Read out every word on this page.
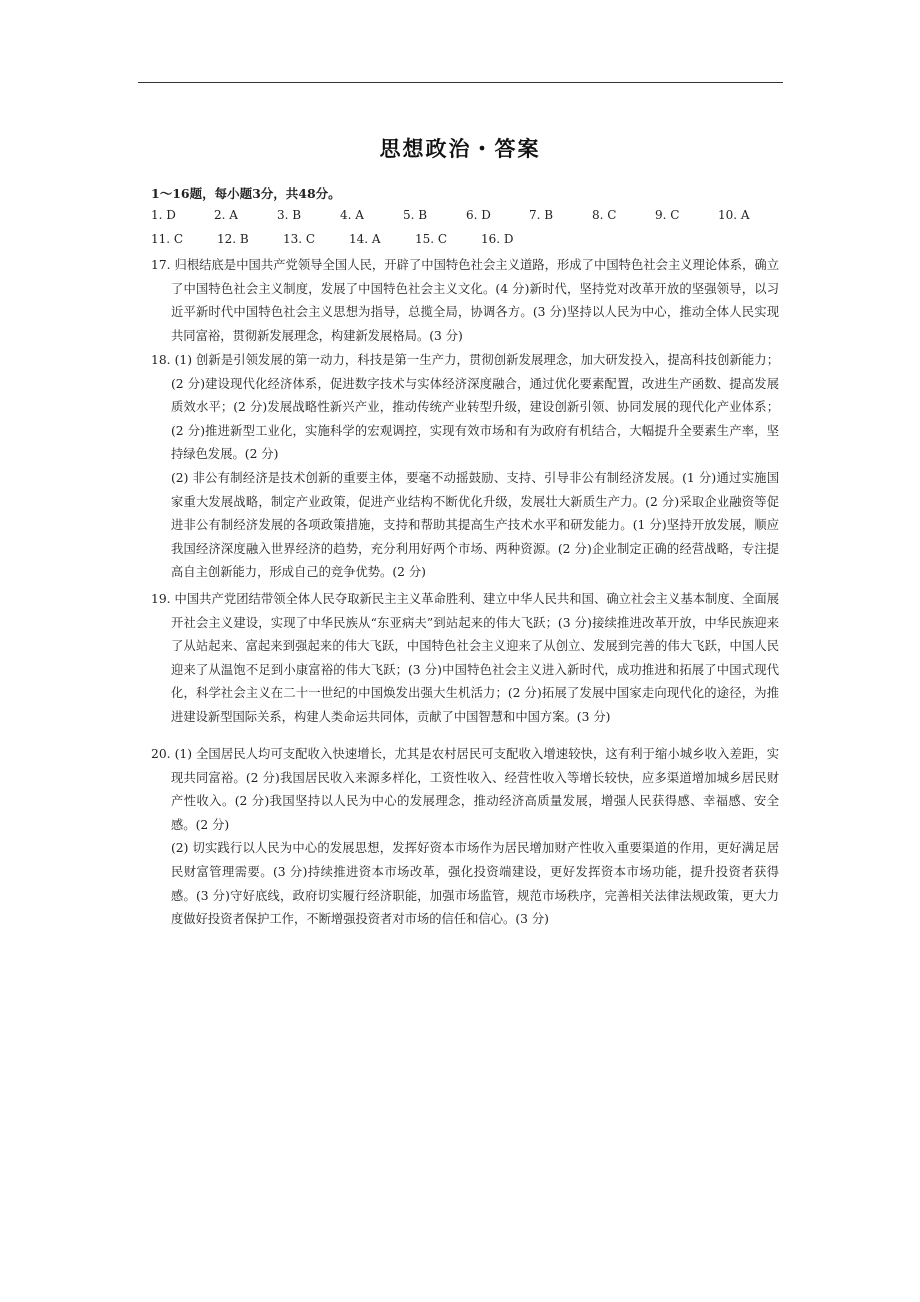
思想政治・答案
1～16题，每小题3分，共48分。
1. D	2. A	3. B	4. A	5. B	6. D	7. B	8. C	9. C	10. A
11. C	12. B	13. C	14. A	15. C	16. D
17. 归根结底是中国共产党领导全国人民，开辟了中国特色社会主义道路，形成了中国特色社会主义理论体系，确立了中国特色社会主义制度，发展了中国特色社会主义文化。(4 分)新时代，坚持党对改革开放的坚强领导，以习近平新时代中国特色社会主义思想为指导，总揽全局，协调各方。(3 分)坚持以人民为中心，推动全体人民实现共同富裕，贯彻新发展理念，构建新发展格局。(3 分)
18. (1) 创新是引领发展的第一动力，科技是第一生产力，贯彻创新发展理念，加大研发投入，提高科技创新能力；(2 分)建设现代化经济体系，促进数字技术与实体经济深度融合，通过优化要素配置，改进生产函数、提高发展质效水平；(2 分)发展战略性新兴产业，推动传统产业转型升级，建设创新引领、协同发展的现代化产业体系；(2 分)推进新型工业化，实施科学的宏观调控，实现有效市场和有为政府有机结合，大幅提升全要素生产率，坚持绿色发展。(2 分)
(2) 非公有制经济是技术创新的重要主体，要毫不动摇鼓励、支持、引导非公有制经济发展。(1 分)通过实施国家重大发展战略，制定产业政策，促进产业结构不断优化升级，发展壮大新质生产力。(2 分)采取企业融资等促进非公有制经济发展的各项政策措施，支持和帮助其提高生产技术水平和研发能力。(1 分)坚持开放发展，顺应我国经济深度融入世界经济的趋势，充分利用好两个市场、两种资源。(2 分)企业制定正确的经营战略，专注提高自主创新能力，形成自己的竞争优势。(2 分)
19. 中国共产党团结带领全体人民夺取新民主主义革命胜利、建立中华人民共和国、确立社会主义基本制度、全面展开社会主义建设，实现了中华民族从“东亚病夫”到站起来的伟大飞跃；(3 分)接续推进改革开放，中华民族迎来了从站起来、富起来到强起来的伟大飞跃，中国特色社会主义迎来了从创立、发展到完善的伟大飞跃，中国人民迎来了从温饱不足到小康富裕的伟大飞跃；(3 分)中国特色社会主义进入新时代，成功推进和拓展了中国式现代化，科学社会主义在二十一世纪的中国焕发出强大生机活力；(2 分)拓展了发展中国家走向现代化的途径，为推进建设新型国际关系，构建人类命运共同体，贡献了中国智慧和中国方案。(3 分)
20. (1) 全国居民人均可支配收入快速增长，尤其是农村居民可支配收入增速较快，这有利于缩小城乡收入差距，实现共同富裕。(2 分)我国居民收入来源多样化，工资性收入、经营性收入等增长较快，应多渠道增加城乡居民财产性收入。(2 分)我国坚持以人民为中心的发展理念，推动经济高质量发展，增强人民获得感、幸福感、安全感。(2 分)
(2) 切实践行以人民为中心的发展思想，发挥好资本市场作为居民增加财产性收入重要渠道的作用，更好满足居民财富管理需要。(3 分)持续推进资本市场改革，强化投资端建设，更好发挥资本市场功能，提升投资者获得感。(3 分)守好底线，政府切实履行经济职能，加强市场监管，规范市场秩序，完善相关法律法规政策，更大力度做好投资者保护工作，不断增强投资者对市场的信任和信心。(3 分)
